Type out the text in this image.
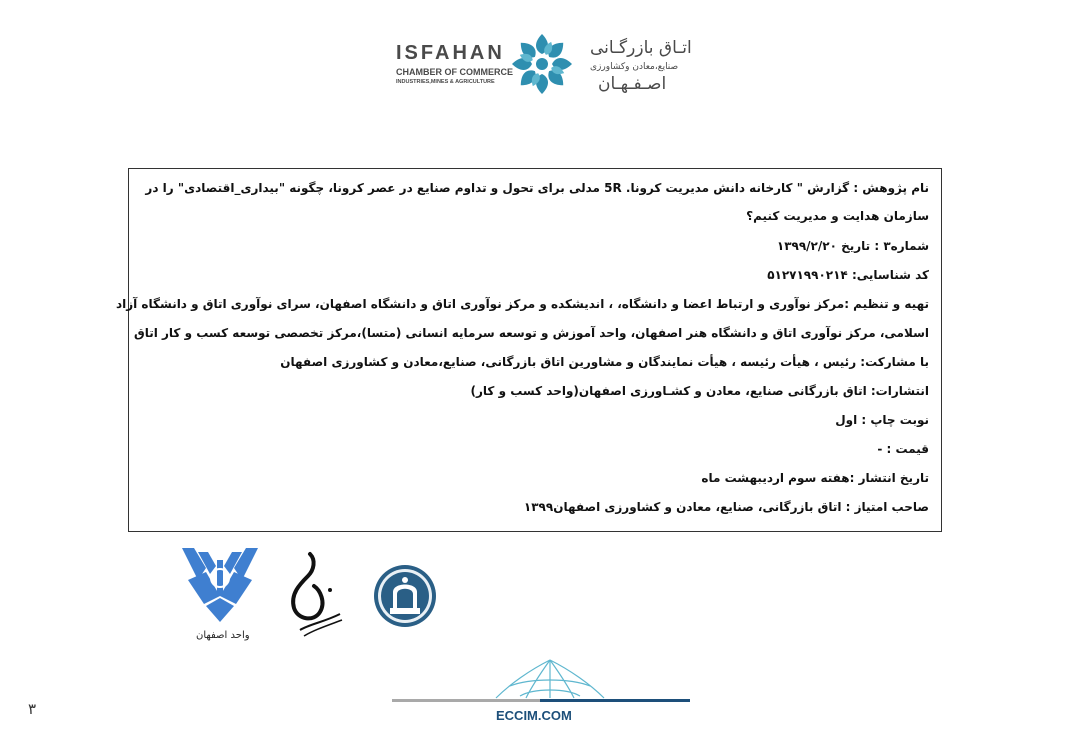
ISFAHAN
CHAMBER OF COMMERCE
INDUSTRIES,MINES & AGRICULTURE
اتـاق بازرگـانی
صنایع،معادن وکشاورزی
اصـفـهـان
نام پژوهش : گزارش " کارخانه دانش مدیریت کرونا. 5R مدلی برای تحول و تداوم صنایع در عصر کرونا، چگونه "بیداری_اقتصادی" را در
سازمان هدایت و مدیریت کنیم؟
شماره۳ : تاریخ ۱۳۹۹/۲/۲۰
کد شناسایی: ۵۱۲۷۱۹۹۰۲۱۴
تهیه و تنظیم :مرکز نوآوری و ارتباط اعضا و دانشگاه، ، اندیشکده و مرکز نوآوری اتاق و دانشگاه اصفهان، سرای نوآوری اتاق و دانشگاه آزاد
اسلامی، مرکز نوآوری اتاق و دانشگاه هنر اصفهان، واحد آموزش و توسعه سرمایه انسانی (متسا)،مرکز تخصصی توسعه کسب و کار اتاق
با مشارکت: رئیس ، هیأت رئیسه ، هیأت نمایندگان و مشاورین اتاق بازرگانی، صنایع،معادن و کشاورزی اصفهان
انتشارات: اتاق بازرگانی صنایع، معادن و کشـاورزی اصفهان(واحد کسب و کار)
نوبت چاپ : اول
قیمت : -
تاریخ انتشار :هفته سوم اردیبهشت ماه
صاحب امتیاز : اتاق بازرگانی، صنایع، معادن و کشاورزی اصفهان۱۳۹۹
واحد اصفهان
ECCIM.COM
۳
